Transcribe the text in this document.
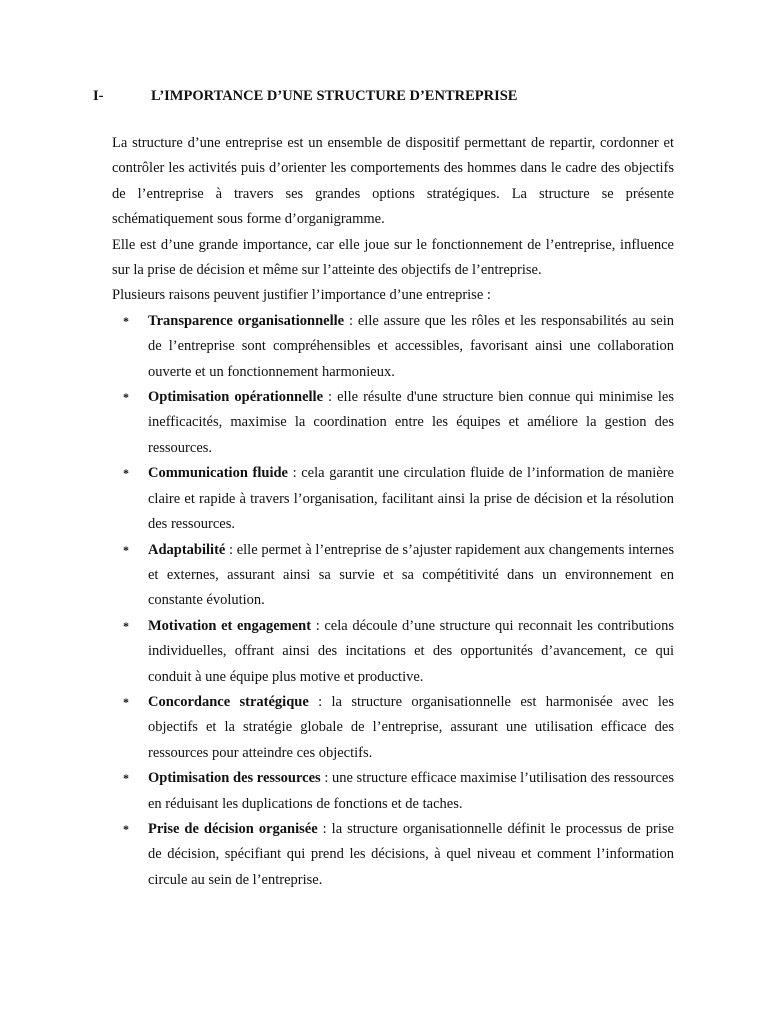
I-	L’IMPORTANCE D’UNE STRUCTURE D’ENTREPRISE

La structure d’une entreprise est un ensemble de dispositif permettant de repartir, cordonner et contrôler les activités puis d’orienter les comportements des hommes dans le cadre des objectifs de l’entreprise à travers ses grandes options stratégiques. La structure se présente schématiquement sous forme d’organigramme.

Elle est d’une grande importance, car elle joue sur le fonctionnement de l’entreprise, influence sur la prise de décision et même sur l’atteinte des objectifs de l’entreprise.

Plusieurs raisons peuvent justifier l’importance d’une entreprise :

* Transparence organisationnelle : elle assure que les rôles et les responsabilités au sein de l’entreprise sont compréhensibles et accessibles, favorisant ainsi une collaboration ouverte et un fonctionnement harmonieux.
* Optimisation opérationnelle : elle résulte d'une structure bien connue qui minimise les inefficacités, maximise la coordination entre les équipes et améliore la gestion des ressources.
* Communication fluide : cela garantit une circulation fluide de l’information de manière claire et rapide à travers l’organisation, facilitant ainsi la prise de décision et la résolution des ressources.
* Adaptabilité : elle permet à l’entreprise de s’ajuster rapidement aux changements internes et externes, assurant ainsi sa survie et sa compétitivité dans un environnement en constante évolution.
* Motivation et engagement : cela découle d’une structure qui reconnait les contributions individuelles, offrant ainsi des incitations et des opportunités d’avancement, ce qui conduit à une équipe plus motive et productive.
* Concordance stratégique : la structure organisationnelle est harmonisée avec les objectifs et la stratégie globale de l’entreprise, assurant une utilisation efficace des ressources pour atteindre ces objectifs.
* Optimisation des ressources : une structure efficace maximise l’utilisation des ressources en réduisant les duplications de fonctions et de taches.
* Prise de décision organisée : la structure organisationnelle définit le processus de prise de décision, spécifiant qui prend les décisions, à quel niveau et comment l’information circule au sein de l’entreprise.
